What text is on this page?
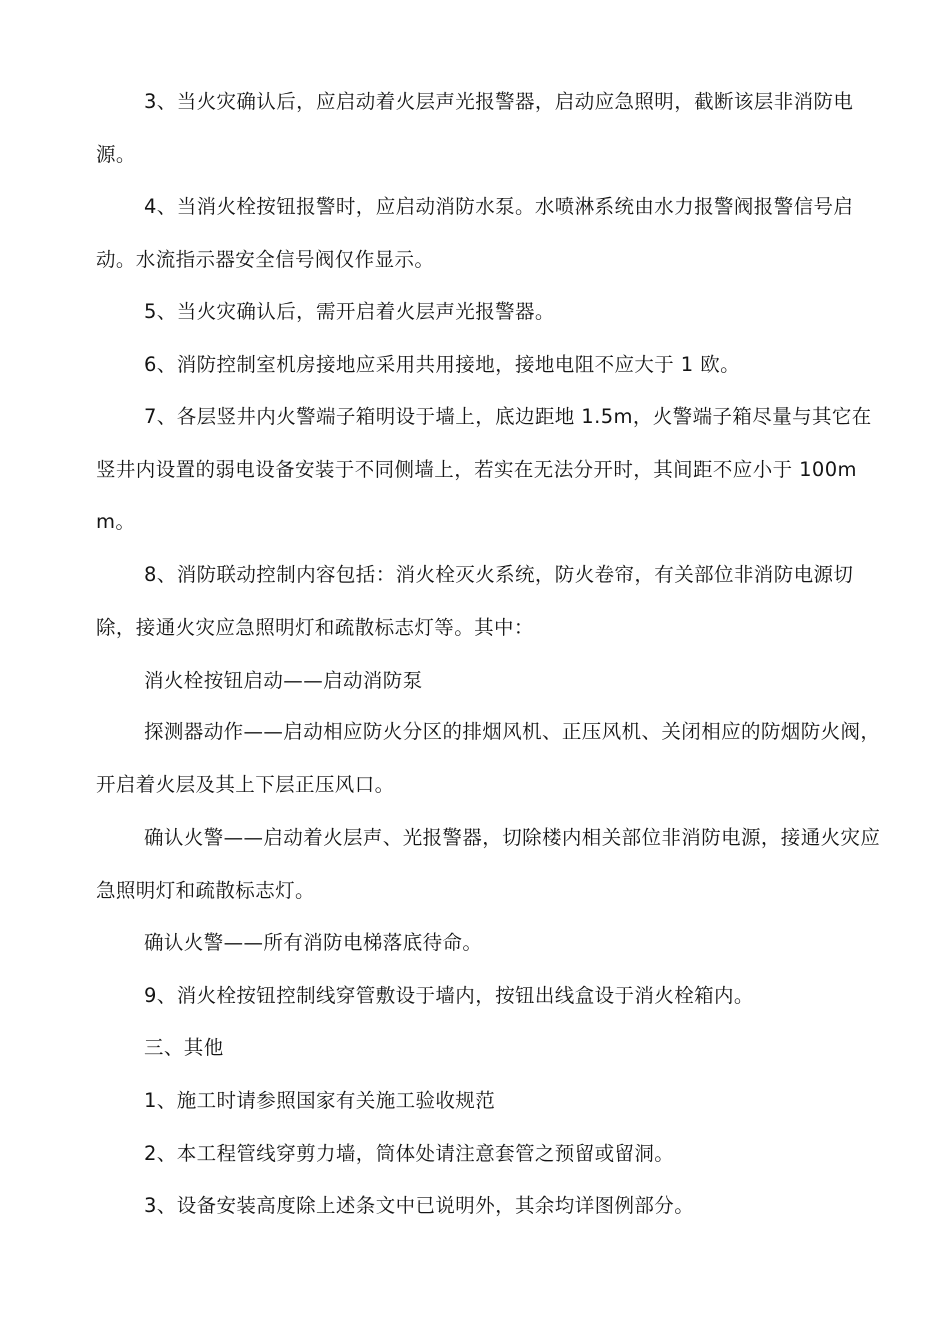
3、当火灾确认后，应启动着火层声光报警器，启动应急照明，截断该层非消防电源。

4、当消火栓按钮报警时，应启动消防水泵。水喷淋系统由水力报警阀报警信号启动。水流指示器安全信号阀仅作显示。

5、当火灾确认后，需开启着火层声光报警器。

6、消防控制室机房接地应采用共用接地，接地电阻不应大于 1 欧。

7、各层竖井内火警端子箱明设于墙上，底边距地 1.5m，火警端子箱尽量与其它在竖井内设置的弱电设备安装于不同侧墙上，若实在无法分开时，其间距不应小于 100mm。

8、消防联动控制内容包括：消火栓灭火系统，防火卷帘，有关部位非消防电源切除，接通火灾应急照明灯和疏散标志灯等。其中：

消火栓按钮启动——启动消防泵

探测器动作——启动相应防火分区的排烟风机、正压风机、关闭相应的防烟防火阀，开启着火层及其上下层正压风口。

确认火警——启动着火层声、光报警器，切除楼内相关部位非消防电源，接通火灾应急照明灯和疏散标志灯。

确认火警——所有消防电梯落底待命。

9、消火栓按钮控制线穿管敷设于墙内，按钮出线盒设于消火栓箱内。

三、其他

1、施工时请参照国家有关施工验收规范

2、本工程管线穿剪力墙，筒体处请注意套管之预留或留洞。

3、设备安装高度除上述条文中已说明外，其余均详图例部分。
